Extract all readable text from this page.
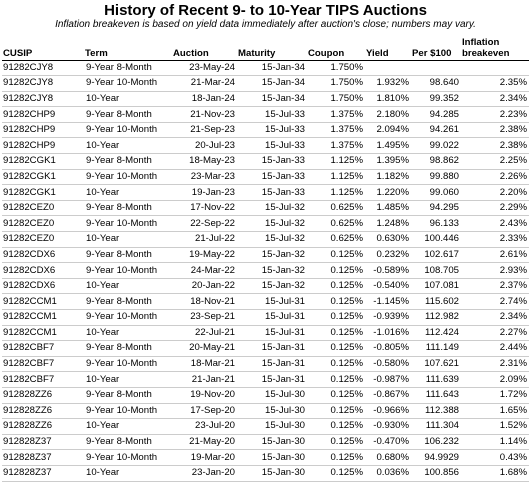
History of Recent 9- to 10-Year TIPS Auctions
Inflation breakeven is based on yield data immediately after auction's close; numbers may vary.
CUSIP	Term	Auction	Maturity	Coupon	Yield	Per $100	Inflation breakeven
91282CJY8	9-Year 8-Month	23-May-24	15-Jan-34	1.750%			
91282CJY8	9-Year 10-Month	21-Mar-24	15-Jan-34	1.750%	1.932%	98.640	2.35%
91282CJY8	10-Year	18-Jan-24	15-Jan-34	1.750%	1.810%	99.352	2.34%
91282CHP9	9-Year 8-Month	21-Nov-23	15-Jul-33	1.375%	2.180%	94.285	2.23%
91282CHP9	9-Year 10-Month	21-Sep-23	15-Jul-33	1.375%	2.094%	94.261	2.38%
91282CHP9	10-Year	20-Jul-23	15-Jul-33	1.375%	1.495%	99.022	2.38%
91282CGK1	9-Year 8-Month	18-May-23	15-Jan-33	1.125%	1.395%	98.862	2.25%
91282CGK1	9-Year 10-Month	23-Mar-23	15-Jan-33	1.125%	1.182%	99.880	2.26%
91282CGK1	10-Year	19-Jan-23	15-Jan-33	1.125%	1.220%	99.060	2.20%
91282CEZ0	9-Year 8-Month	17-Nov-22	15-Jul-32	0.625%	1.485%	94.295	2.29%
91282CEZ0	9-Year 10-Month	22-Sep-22	15-Jul-32	0.625%	1.248%	96.133	2.43%
91282CEZ0	10-Year	21-Jul-22	15-Jul-32	0.625%	0.630%	100.446	2.33%
91282CDX6	9-Year 8-Month	19-May-22	15-Jan-32	0.125%	0.232%	102.617	2.61%
91282CDX6	9-Year 10-Month	24-Mar-22	15-Jan-32	0.125%	-0.589%	108.705	2.93%
91282CDX6	10-Year	20-Jan-22	15-Jan-32	0.125%	-0.540%	107.081	2.37%
91282CCM1	9-Year 8-Month	18-Nov-21	15-Jul-31	0.125%	-1.145%	115.602	2.74%
91282CCM1	9-Year 10-Month	23-Sep-21	15-Jul-31	0.125%	-0.939%	112.982	2.34%
91282CCM1	10-Year	22-Jul-21	15-Jul-31	0.125%	-1.016%	112.424	2.27%
91282CBF7	9-Year 8-Month	20-May-21	15-Jan-31	0.125%	-0.805%	111.149	2.44%
91282CBF7	9-Year 10-Month	18-Mar-21	15-Jan-31	0.125%	-0.580%	107.621	2.31%
91282CBF7	10-Year	21-Jan-21	15-Jan-31	0.125%	-0.987%	111.639	2.09%
912828ZZ6	9-Year 8-Month	19-Nov-20	15-Jul-30	0.125%	-0.867%	111.643	1.72%
912828ZZ6	9-Year 10-Month	17-Sep-20	15-Jul-30	0.125%	-0.966%	112.388	1.65%
912828ZZ6	10-Year	23-Jul-20	15-Jul-30	0.125%	-0.930%	111.304	1.52%
912828Z37	9-Year 8-Month	21-May-20	15-Jan-30	0.125%	-0.470%	106.232	1.14%
912828Z37	9-Year 10-Month	19-Mar-20	15-Jan-30	0.125%	0.680%	94.9929	0.43%
912828Z37	10-Year	23-Jan-20	15-Jan-30	0.125%	0.036%	100.856	1.68%
